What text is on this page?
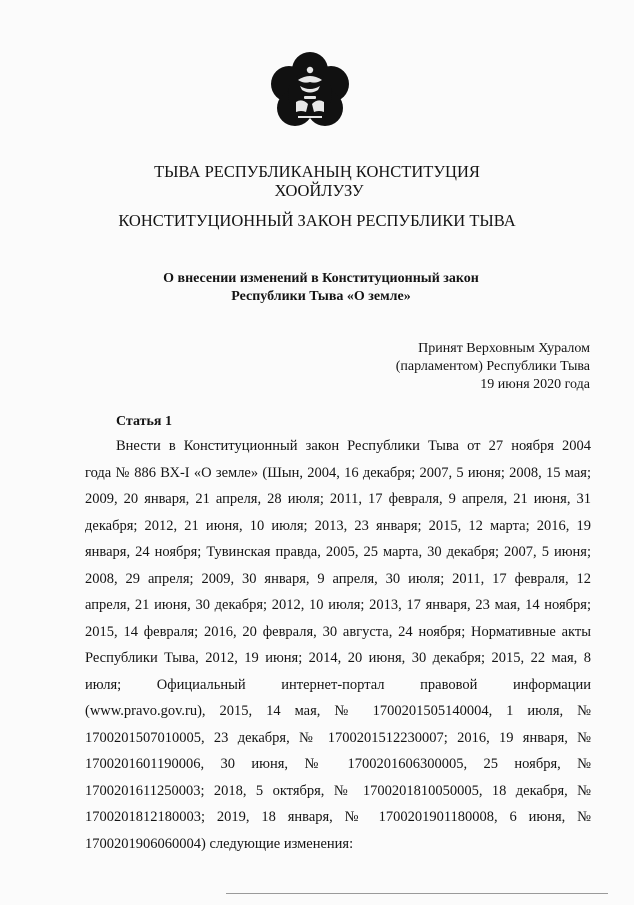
ТЫВА РЕСПУБЛИКАНЫҢ КОНСТИТУЦИЯ
ХООЙЛУЗУ
КОНСТИТУЦИОННЫЙ ЗАКОН РЕСПУБЛИКИ ТЫВА
О внесении изменений в Конституционный закон
Республики Тыва «О земле»
Принят Верховным Хуралом
(парламентом) Республики Тыва
19 июня 2020 года
Статья 1
Внести в Конституционный закон Республики Тыва от 27 ноября 2004
года № 886 ВХ-I «О земле» (Шын, 2004, 16 декабря; 2007, 5 июня; 2008, 15 мая;
2009, 20 января, 21 апреля, 28 июля; 2011, 17 февраля, 9 апреля, 21 июня, 31
декабря; 2012, 21 июня, 10 июля; 2013, 23 января; 2015, 12 марта; 2016, 19
января, 24 ноября; Тувинская правда, 2005, 25 марта, 30 декабря; 2007, 5 июня;
2008, 29 апреля; 2009, 30 января, 9 апреля, 30 июля; 2011, 17 февраля, 12
апреля, 21 июня, 30 декабря; 2012, 10 июля; 2013, 17 января, 23 мая, 14 ноября;
2015, 14 февраля; 2016, 20 февраля, 30 августа, 24 ноября; Нормативные акты
Республики Тыва, 2012, 19 июня; 2014, 20 июня, 30 декабря; 2015, 22 мая, 8
июля; Официальный интернет-портал правовой информации
(www.pravo.gov.ru), 2015, 14 мая, № 1700201505140004, 1 июля, №
1700201507010005, 23 декабря, № 1700201512230007; 2016, 19 января, №
1700201601190006, 30 июня, № 1700201606300005, 25 ноября, №
1700201611250003; 2018, 5 октября, № 1700201810050005, 18 декабря, №
1700201812180003; 2019, 18 января, № 1700201901180008, 6 июня, №
1700201906060004) следующие изменения:
